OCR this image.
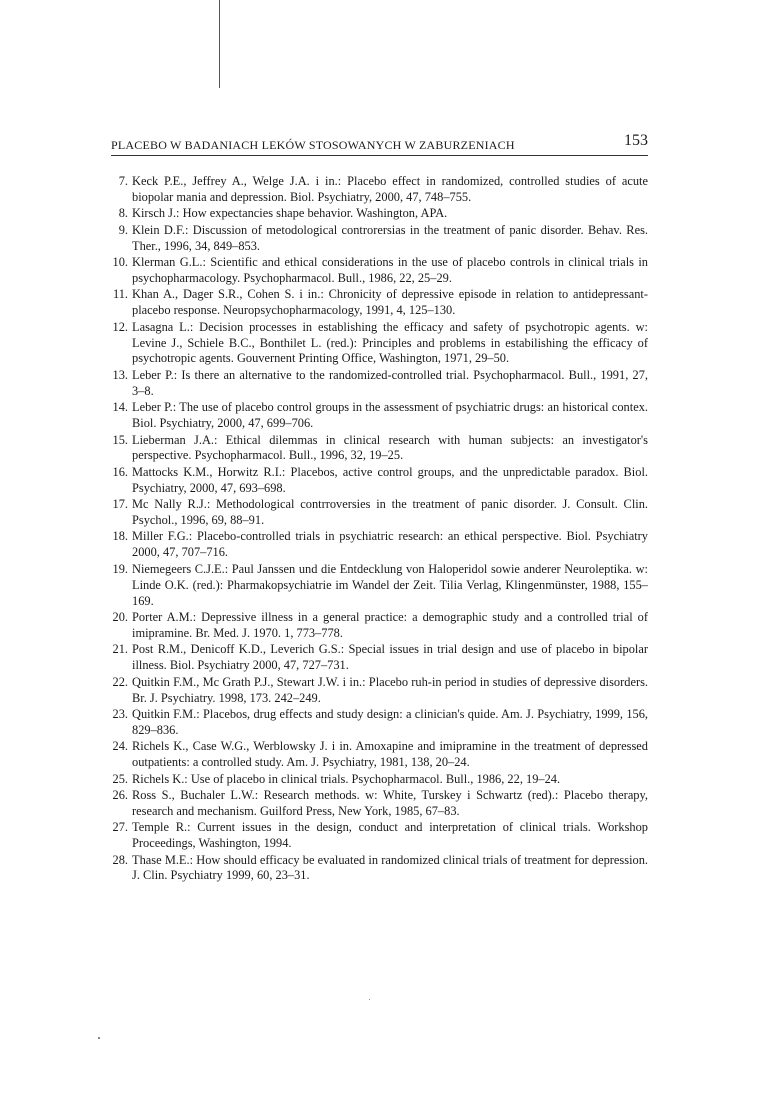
PLACEBO W BADANIACH LEKÓW STOSOWANYCH W ZABURZENIACH	153
7. Keck P.E., Jeffrey A., Welge J.A. i in.: Placebo effect in randomized, controlled studies of acute biopolar mania and depression. Biol. Psychiatry, 2000, 47, 748–755.
8. Kirsch J.: How expectancies shape behavior. Washington, APA.
9. Klein D.F.: Discussion of metodological controrersias in the treatment of panic disorder. Behav. Res. Ther., 1996, 34, 849–853.
10. Klerman G.L.: Scientific and ethical considerations in the use of placebo controls in clinical trials in psychopharmacology. Psychopharmacol. Bull., 1986, 22, 25–29.
11. Khan A., Dager S.R., Cohen S. i in.: Chronicity of depressive episode in relation to antidepressant-placebo response. Neuropsychopharmacology, 1991, 4, 125–130.
12. Lasagna L.: Decision processes in establishing the efficacy and safety of psychotropic agents. w: Levine J., Schiele B.C., Bonthilet L. (red.): Principles and problems in estabilishing the efficacy of psychotropic agents. Gouvernent Printing Office, Washington, 1971, 29–50.
13. Leber P.: Is there an alternative to the randomized-controlled trial. Psychopharmacol. Bull., 1991, 27, 3–8.
14. Leber P.: The use of placebo control groups in the assessment of psychiatric drugs: an historical contex. Biol. Psychiatry, 2000, 47, 699–706.
15. Lieberman J.A.: Ethical dilemmas in clinical research with human subjects: an investigator's perspective. Psychopharmacol. Bull., 1996, 32, 19–25.
16. Mattocks K.M., Horwitz R.I.: Placebos, active control groups, and the unpredictable paradox. Biol. Psychiatry, 2000, 47, 693–698.
17. Mc Nally R.J.: Methodological contrroversies in the treatment of panic disorder. J. Consult. Clin. Psychol., 1996, 69, 88–91.
18. Miller F.G.: Placebo-controlled trials in psychiatric research: an ethical perspective. Biol. Psychiatry 2000, 47, 707–716.
19. Niemegeers C.J.E.: Paul Janssen und die Entdecklung von Haloperidol sowie anderer Neuroleptika. w: Linde O.K. (red.): Pharmakopsychiatrie im Wandel der Zeit. Tilia Verlag, Klingenmünster, 1988, 155–169.
20. Porter A.M.: Depressive illness in a general practice: a demographic study and a controlled trial of imipramine. Br. Med. J. 1970. 1, 773–778.
21. Post R.M., Denicoff K.D., Leverich G.S.: Special issues in trial design and use of placebo in bipolar illness. Biol. Psychiatry 2000, 47, 727–731.
22. Quitkin F.M., Mc Grath P.J., Stewart J.W. i in.: Placebo ruh-in period in studies of depressive disorders. Br. J. Psychiatry. 1998, 173. 242–249.
23. Quitkin F.M.: Placebos, drug effects and study design: a clinician's quide. Am. J. Psychiatry, 1999, 156, 829–836.
24. Richels K., Case W.G., Werblowsky J. i in. Amoxapine and imipramine in the treatment of depressed outpatients: a controlled study. Am. J. Psychiatry, 1981, 138, 20–24.
25. Richels K.: Use of placebo in clinical trials. Psychopharmacol. Bull., 1986, 22, 19–24.
26. Ross S., Buchaler L.W.: Research methods. w: White, Turskey i Schwartz (red).: Placebo therapy, research and mechanism. Guilford Press, New York, 1985, 67–83.
27. Temple R.: Current issues in the design, conduct and interpretation of clinical trials. Workshop Proceedings, Washington, 1994.
28. Thase M.E.: How should efficacy be evaluated in randomized clinical trials of treatment for depression. J. Clin. Psychiatry 1999, 60, 23–31.
